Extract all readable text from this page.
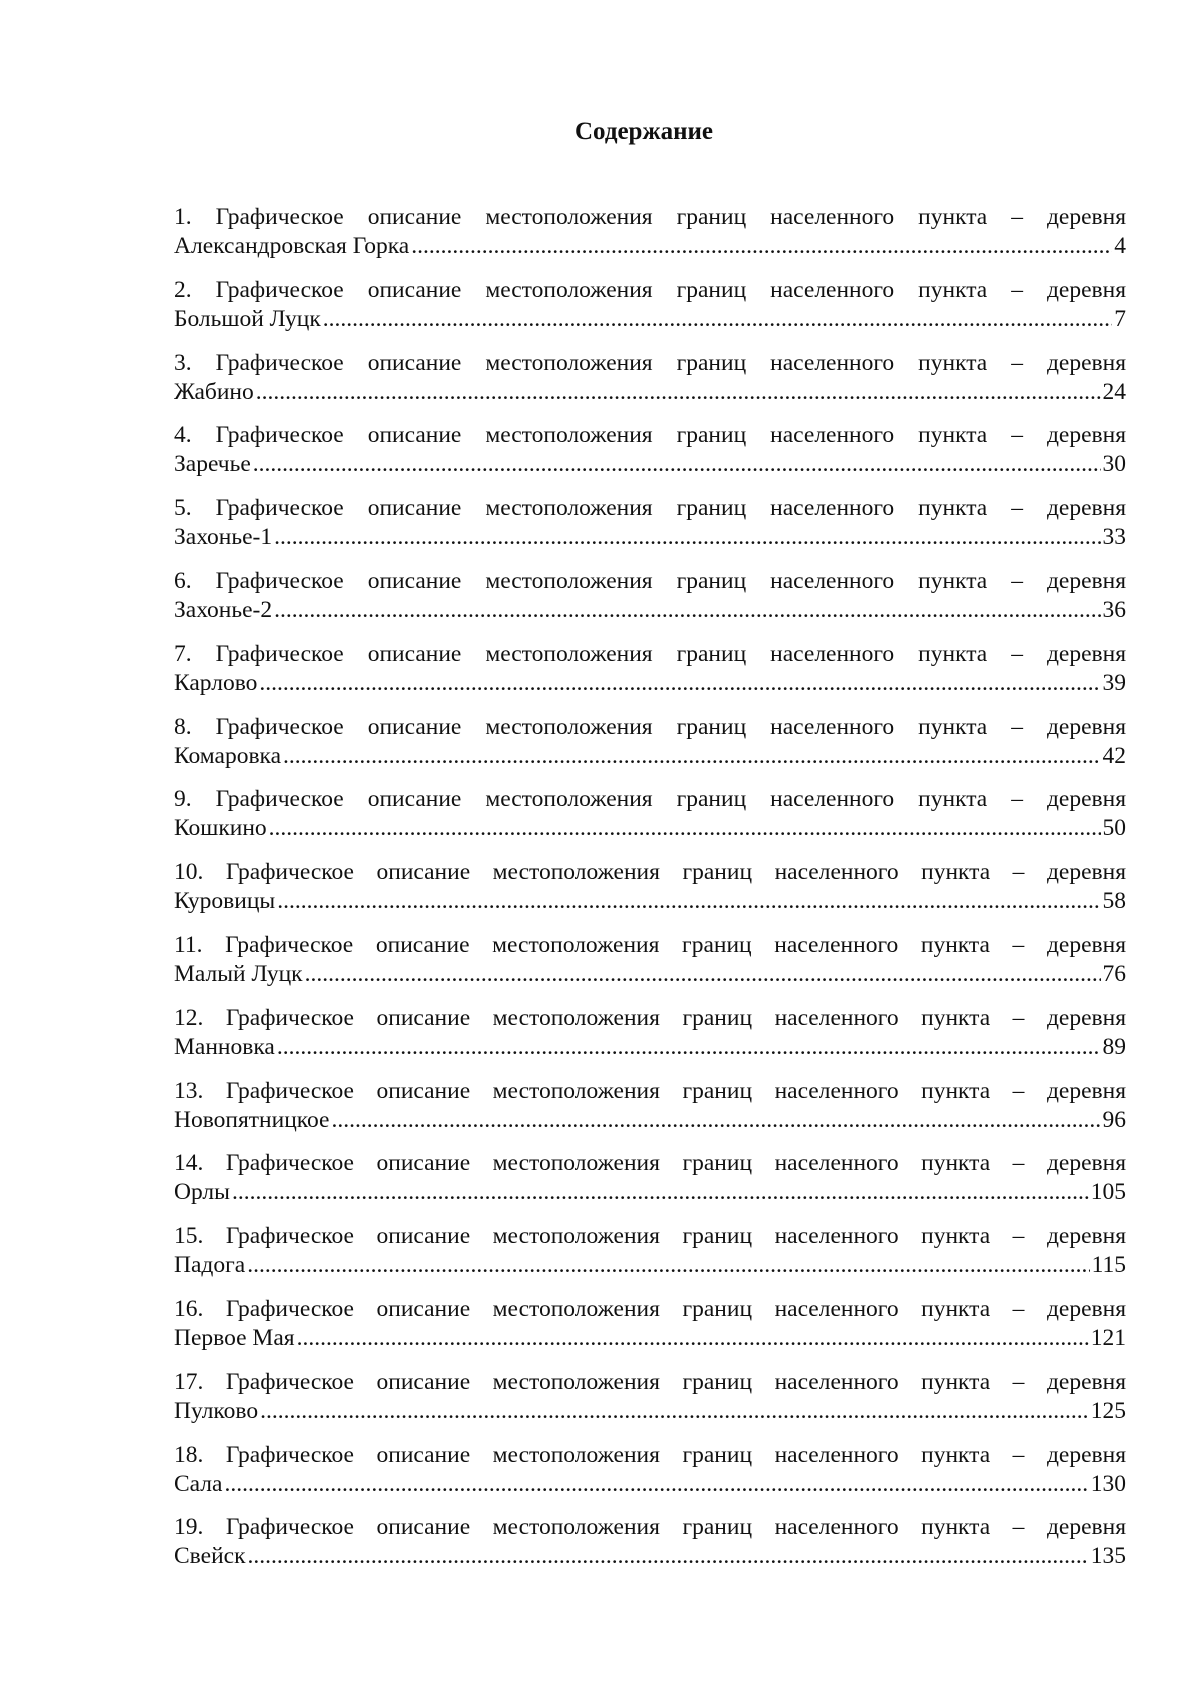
Содержание
1. Графическое описание местоположения границ населенного пункта – деревня
Александровская Горка .....	4
2. Графическое описание местоположения границ населенного пункта – деревня
Большой Луцк .....	7
3. Графическое описание местоположения границ населенного пункта – деревня
Жабино .....	24
4. Графическое описание местоположения границ населенного пункта – деревня
Заречье .....	30
5. Графическое описание местоположения границ населенного пункта – деревня
Захонье-1 .....	33
6. Графическое описание местоположения границ населенного пункта – деревня
Захонье-2 .....	36
7. Графическое описание местоположения границ населенного пункта – деревня
Карлово .....	39
8. Графическое описание местоположения границ населенного пункта – деревня
Комаровка .....	42
9. Графическое описание местоположения границ населенного пункта – деревня
Кошкино .....	50
10. Графическое описание местоположения границ населенного пункта – деревня
Куровицы .....	58
11. Графическое описание местоположения границ населенного пункта – деревня
Малый Луцк .....	76
12. Графическое описание местоположения границ населенного пункта – деревня
Манновка .....	89
13. Графическое описание местоположения границ населенного пункта – деревня
Новопятницкое .....	96
14. Графическое описание местоположения границ населенного пункта – деревня
Орлы .....	105
15. Графическое описание местоположения границ населенного пункта – деревня
Падога .....	115
16. Графическое описание местоположения границ населенного пункта – деревня
Первое Мая .....	121
17. Графическое описание местоположения границ населенного пункта – деревня
Пулково .....	125
18. Графическое описание местоположения границ населенного пункта – деревня
Сала .....	130
19. Графическое описание местоположения границ населенного пункта – деревня
Свейск .....	135
